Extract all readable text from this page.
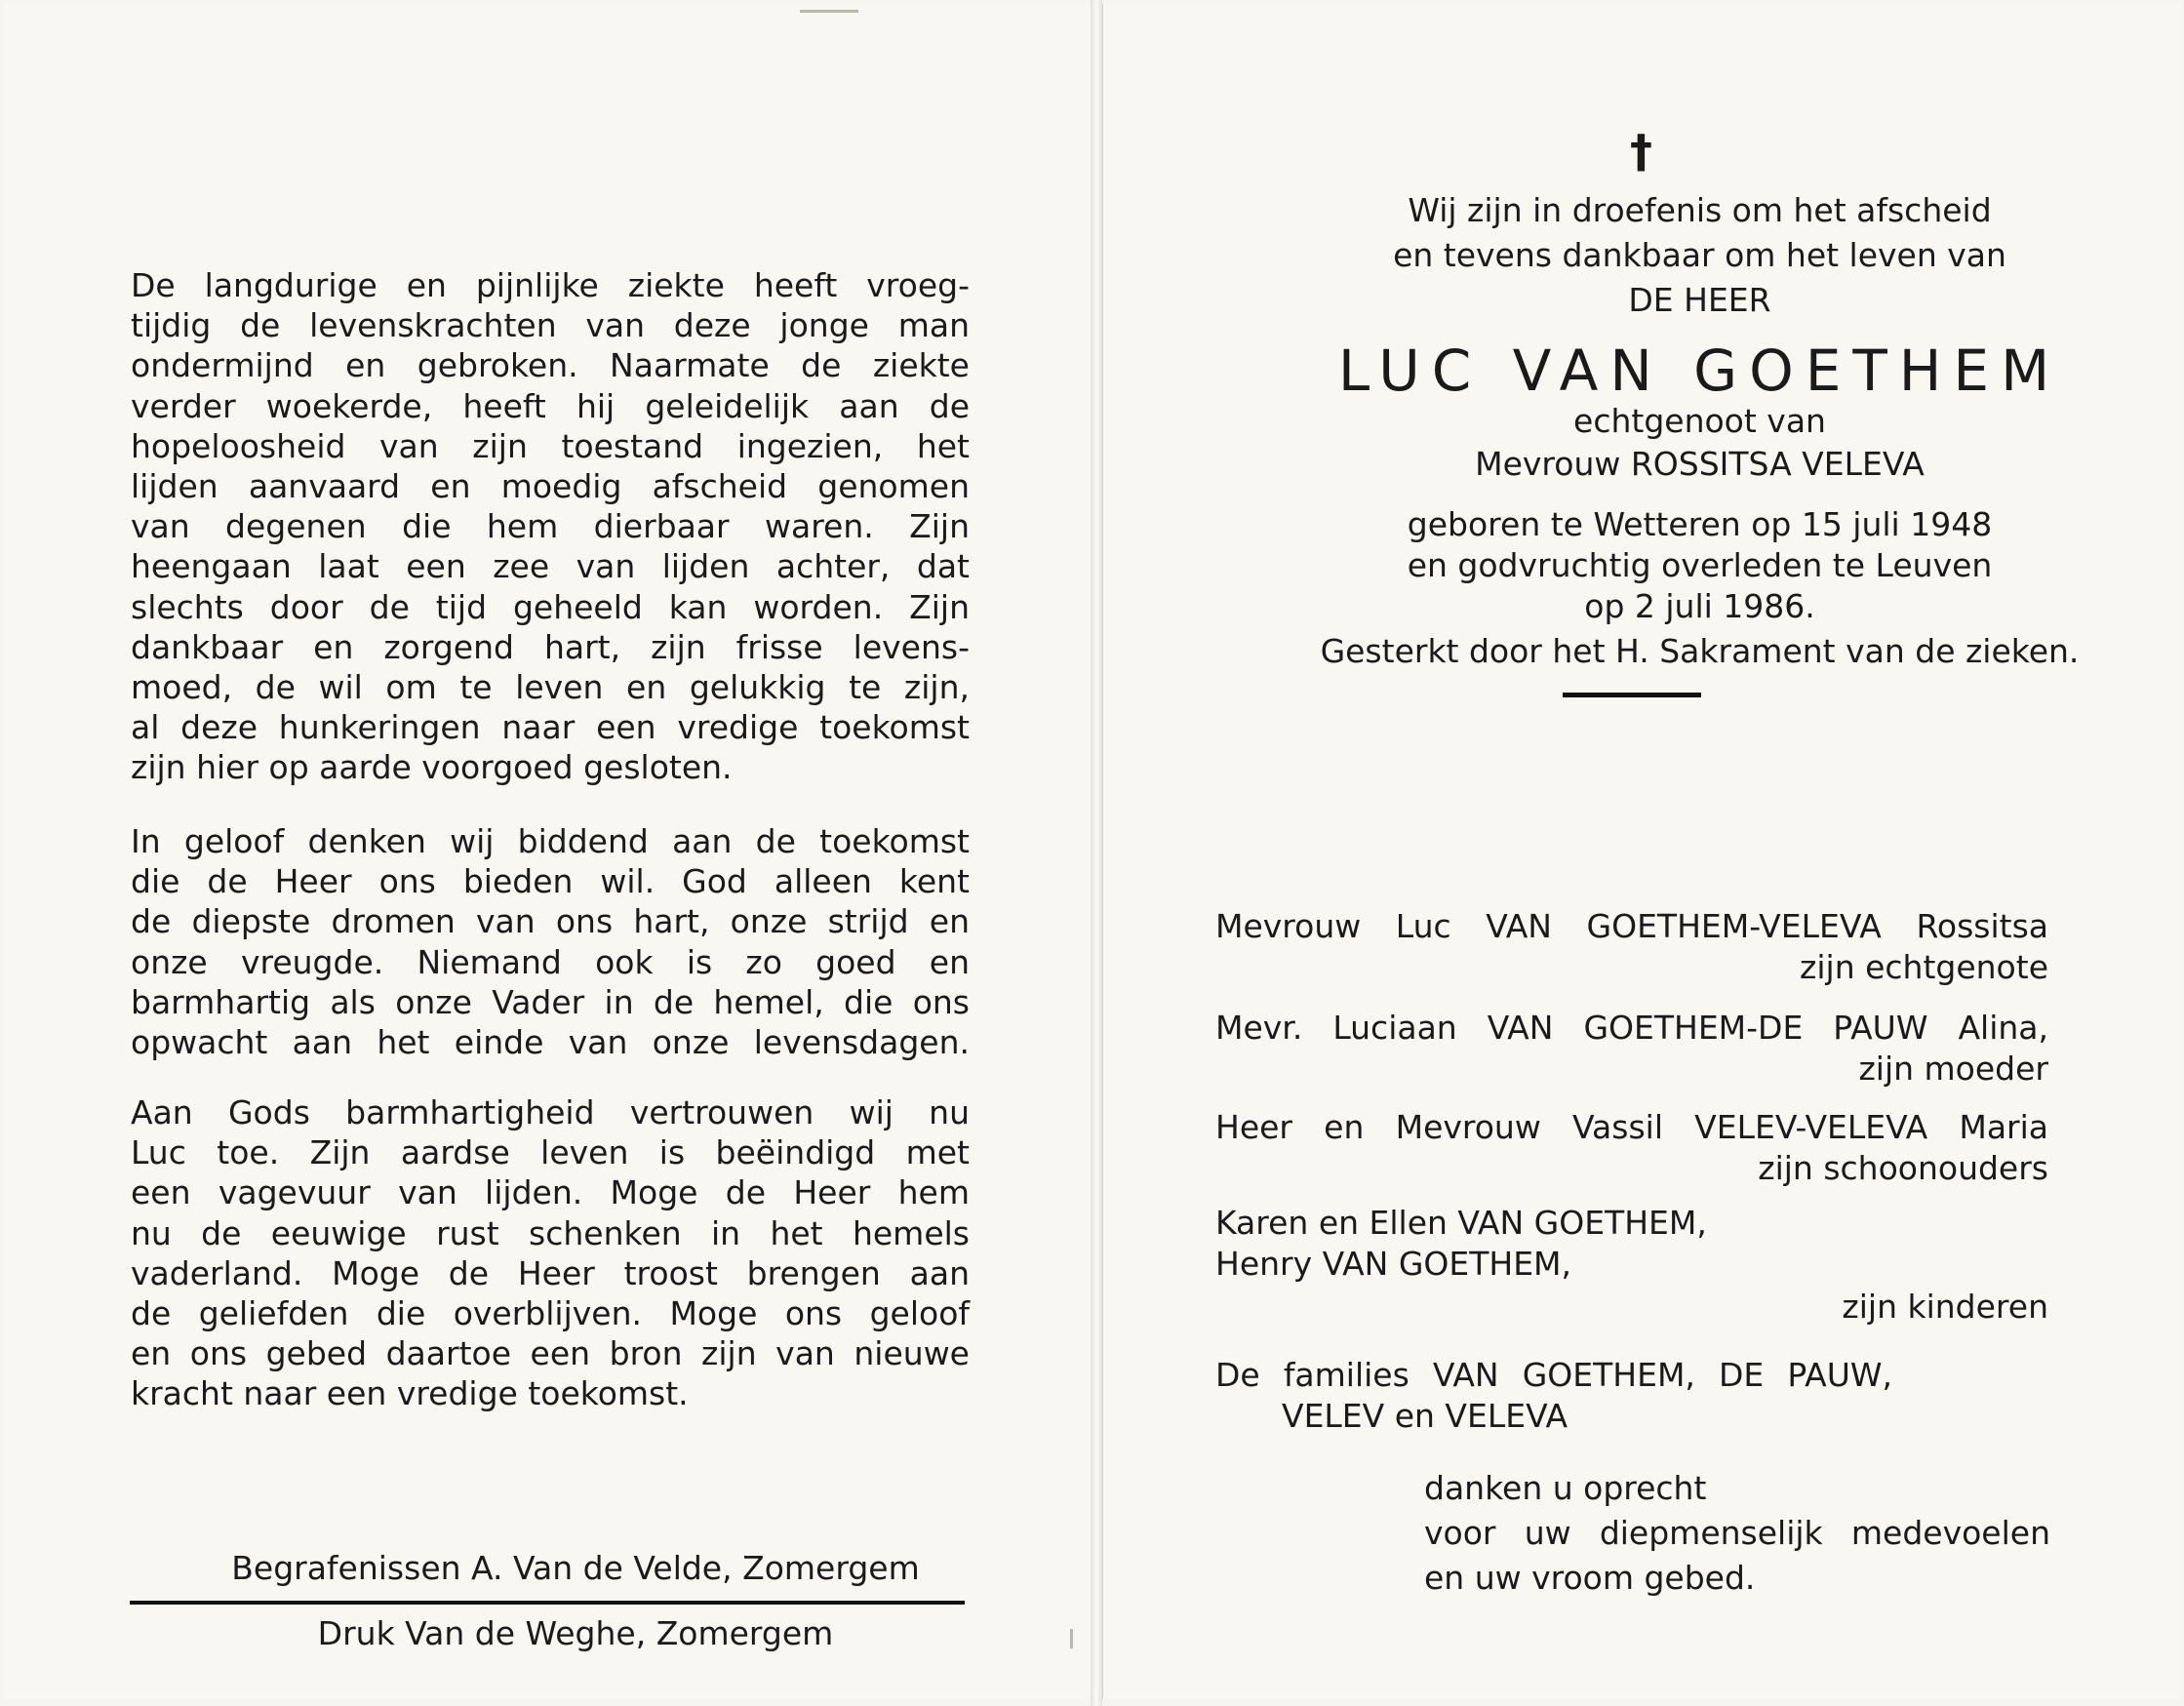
De langdurige en pijnlijke ziekte heeft vroeg-
tijdig de levenskrachten van deze jonge man
ondermijnd en gebroken. Naarmate de ziekte
verder woekerde, heeft hij geleidelijk aan de
hopeloosheid van zijn toestand ingezien, het
lijden aanvaard en moedig afscheid genomen
van degenen die hem dierbaar waren. Zijn
heengaan laat een zee van lijden achter, dat
slechts door de tijd geheeld kan worden. Zijn
dankbaar en zorgend hart, zijn frisse levens-
moed, de wil om te leven en gelukkig te zijn,
al deze hunkeringen naar een vredige toekomst
zijn hier op aarde voorgoed gesloten.
In geloof denken wij biddend aan de toekomst
die de Heer ons bieden wil. God alleen kent
de diepste dromen van ons hart, onze strijd en
onze vreugde. Niemand ook is zo goed en
barmhartig als onze Vader in de hemel, die ons
opwacht aan het einde van onze levensdagen.
Aan Gods barmhartigheid vertrouwen wij nu
Luc toe. Zijn aardse leven is beëindigd met
een vagevuur van lijden. Moge de Heer hem
nu de eeuwige rust schenken in het hemels
vaderland. Moge de Heer troost brengen aan
de geliefden die overblijven. Moge ons geloof
en ons gebed daartoe een bron zijn van nieuwe
kracht naar een vredige toekomst.

Begrafenissen A. Van de Velde, Zomergem

Druk Van de Weghe, Zomergem

†

Wij zijn in droefenis om het afscheid

en tevens dankbaar om het leven van

DE HEER

LUC VAN GOETHEM

echtgenoot van

Mevrouw ROSSITSA VELEVA

geboren te Wetteren op 15 juli 1948

en godvruchtig overleden te Leuven

op 2 juli 1986.

Gesterkt door het H. Sakrament van de zieken.

Mevrouw Luc VAN GOETHEM-VELEVA Rossitsa

zijn echtgenote

Mevr. Luciaan VAN GOETHEM-DE PAUW Alina,

zijn moeder

Heer en Mevrouw Vassil VELEV-VELEVA Maria

zijn schoonouders

Karen en Ellen VAN GOETHEM,

Henry VAN GOETHEM,

zijn kinderen

De families VAN GOETHEM, DE PAUW,

VELEV en VELEVA

danken u oprecht

voor uw diepmenselijk medevoelen

en uw vroom gebed.
